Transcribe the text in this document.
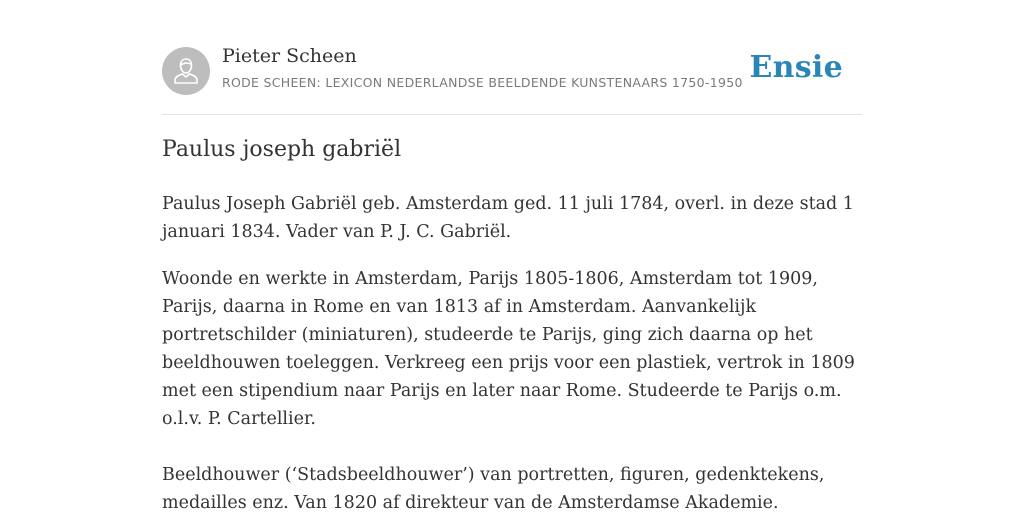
Pieter Scheen
RODE SCHEEN: LEXICON NEDERLANDSE BEELDENDE KUNSTENAARS 1750-1950 Ensie
Paulus joseph gabriël

Paulus Joseph Gabriël geb. Amsterdam ged. 11 juli 1784, overl. in deze stad 1 januari 1834. Vader van P. J. C. Gabriël.

Woonde en werkte in Amsterdam, Parijs 1805-1806, Amsterdam tot 1909, Parijs, daarna in Rome en van 1813 af in Amsterdam. Aanvankelijk portretschilder (miniaturen), studeerde te Parijs, ging zich daarna op het beeldhouwen toeleggen. Verkreeg een prijs voor een plastiek, vertrok in 1809 met een stipendium naar Parijs en later naar Rome. Studeerde te Parijs o.m. o.l.v. P. Cartellier.

Beeldhouwer (‘Stadsbeeldhouwer’) van portretten, figuren, gedenktekens, medailles enz. Van 1820 af direkteur van de Amsterdamse Akademie.
